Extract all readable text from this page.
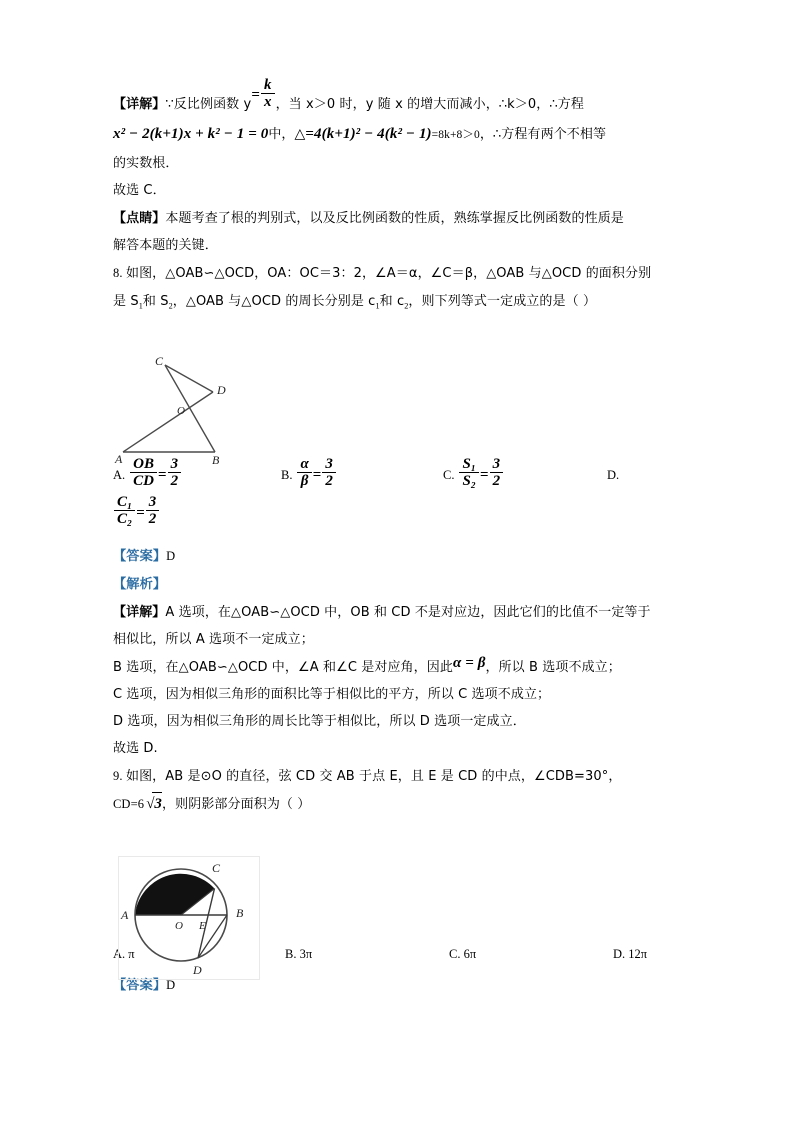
【详解】∵反比例函数 $y= \frac{k}{x}$ ，当 x＞0 时，y 随 x 的增大而减小，∴k＞0，∴方程
x² − 2(k+1)x + k² − 1 = 0中，△=4(k+1)² − 4(k² − 1)=8k+8＞0，∴方程有两个不相等
的实数根．
故选 C．
【点睛】本题考查了根的判别式，以及反比例函数的性质，熟练掌握反比例函数的性质是
解答本题的关键．
8. 如图，△OAB∽△OCD，OA：OC＝3：2，∠A＝α，∠C＝β，△OAB 与△OCD 的面积分别
是 $S_1$和 $S_2$，△OAB 与△OCD 的周长分别是 $c_1$和 $c_2$，则下列等式一定成立的是（ ）
A. $\frac{OB}{CD} = \frac{3}{2}$	B. $\frac{\alpha}{\beta} = \frac{3}{2}$	C. $\frac{\text{S₁}}{\text{S₂}} = \frac{3}{2}$	D.
$\frac{\text{C₁}}{\text{C₂}} = \frac{3}{2}$
【答案】D
【解析】
【详解】A 选项，在△OAB∽△OCD 中，OB 和 CD 不是对应边，因此它们的比值不一定等于
相似比，所以 A 选项不一定成立；
B 选项，在△OAB∽△OCD 中，∠A 和∠C 是对应角，因此α = β，所以 B 选项不成立；
C 选项，因为相似三角形的面积比等于相似比的平方，所以 C 选项不成立；
D 选项，因为相似三角形的周长比等于相似比，所以 D 选项一定成立．
故选 D.
9. 如图，AB 是⊙O 的直径，弦 CD 交 AB 于点 E，且 E 是 CD 的中点，∠CDB=30°，
CD=6 √3，则阴影部分面积为（ ）
A. π	B. 3π	C. 6π	D. 12π
【答案】D
C
D
O
A	B
C
A
O E
B
D
